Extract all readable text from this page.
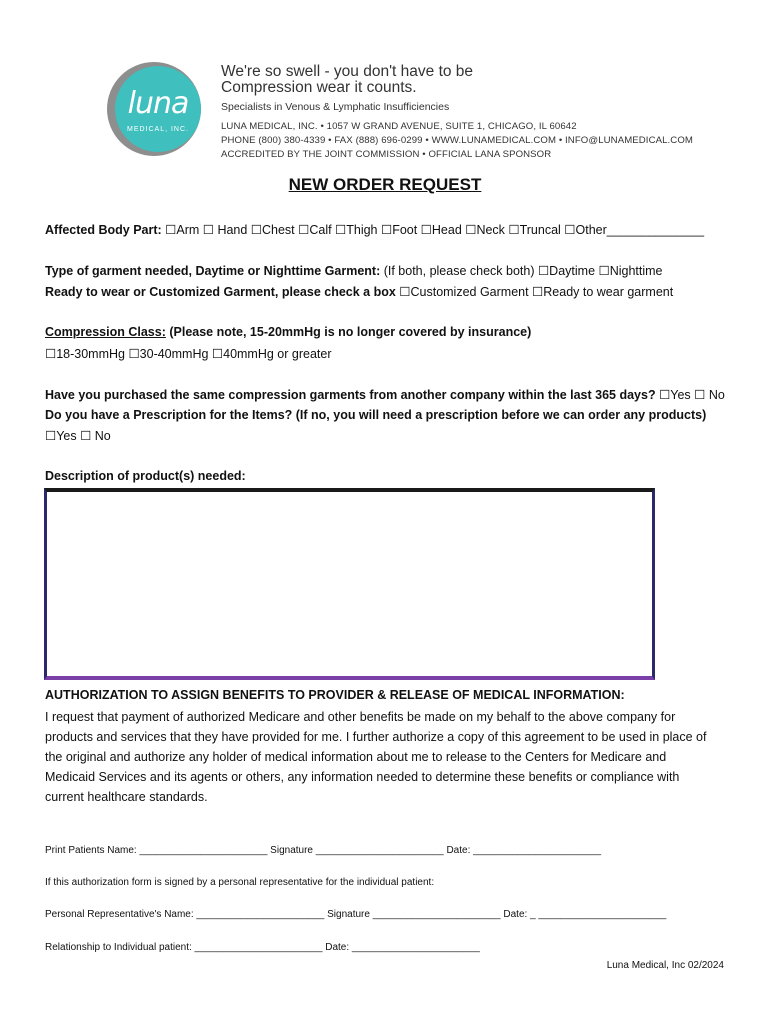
luna
MEDICAL, INC.
We're so swell - you don't have to be
Compression wear it counts.
Specialists in Venous & Lymphatic Insufficiencies
LUNA MEDICAL, INC. • 1057 W GRAND AVENUE, SUITE 1, CHICAGO, IL 60642
PHONE (800) 380-4339 • FAX (888) 696-0299 • WWW.LUNAMEDICAL.COM • INFO@LUNAMEDICAL.COM
ACCREDITED BY THE JOINT COMMISSION • OFFICIAL LANA SPONSOR
NEW ORDER REQUEST
Affected Body Part: ☐Arm ☐ Hand ☐Chest ☐Calf ☐Thigh ☐Foot ☐Head ☐Neck ☐Truncal ☐Other______________
Type of garment needed, Daytime or Nighttime Garment: (If both, please check both) ☐Daytime ☐Nighttime
Ready to wear or Customized Garment, please check a box ☐Customized Garment ☐Ready to wear garment
Compression Class: (Please note, 15-20mmHg is no longer covered by insurance)
☐18-30mmHg ☐30-40mmHg ☐40mmHg or greater
Have you purchased the same compression garments from another company within the last 365 days? ☐Yes ☐ No
Do you have a Prescription for the Items? (If no, you will need a prescription before we can order any products)
☐Yes ☐ No
Description of product(s) needed:
AUTHORIZATION TO ASSIGN BENEFITS TO PROVIDER & RELEASE OF MEDICAL INFORMATION:
I request that payment of authorized Medicare and other benefits be made on my behalf to the above company for products and services that they have provided for me. I further authorize a copy of this agreement to be used in place of the original and authorize any holder of medical information about me to release to the Centers for Medicare and Medicaid Services and its agents or others, any information needed to determine these benefits or compliance with current healthcare standards.
Print Patients Name: _______________________ Signature _______________________ Date: _______________________
If this authorization form is signed by a personal representative for the individual patient:
Personal Representative's Name: _______________________ Signature _______________________ Date: _ _______________________
Relationship to Individual patient: _______________________ Date: _______________________
Luna Medical, Inc 02/2024
